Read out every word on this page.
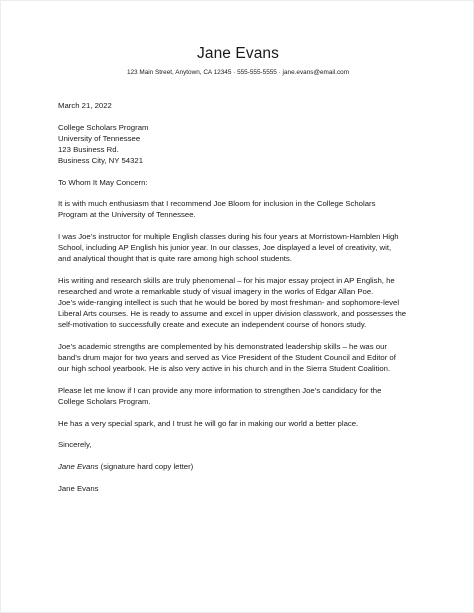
Jane Evans
123 Main Street, Anytown, CA 12345 · 555-555-5555 · jane.evans@email.com

March 21, 2022

College Scholars Program
University of Tennessee
123 Business Rd.
Business City, NY 54321

To Whom It May Concern:

It is with much enthusiasm that I recommend Joe Bloom for inclusion in the College Scholars
Program at the University of Tennessee.

I was Joe’s instructor for multiple English classes during his four years at Morristown-Hamblen High
School, including AP English his junior year. In our classes, Joe displayed a level of creativity, wit,
and analytical thought that is quite rare among high school students.

His writing and research skills are truly phenomenal – for his major essay project in AP English, he
researched and wrote a remarkable study of visual imagery in the works of Edgar Allan Poe.
Joe’s wide-ranging intellect is such that he would be bored by most freshman- and sophomore-level
Liberal Arts courses. He is ready to assume and excel in upper division classwork, and possesses the
self-motivation to successfully create and execute an independent course of honors study.

Joe’s academic strengths are complemented by his demonstrated leadership skills – he was our
band’s drum major for two years and served as Vice President of the Student Council and Editor of
our high school yearbook. He is also very active in his church and in the Sierra Student Coalition.

Please let me know if I can provide any more information to strengthen Joe’s candidacy for the
College Scholars Program.

He has a very special spark, and I trust he will go far in making our world a better place.

Sincerely,

Jane Evans (signature hard copy letter)

Jane Evans
